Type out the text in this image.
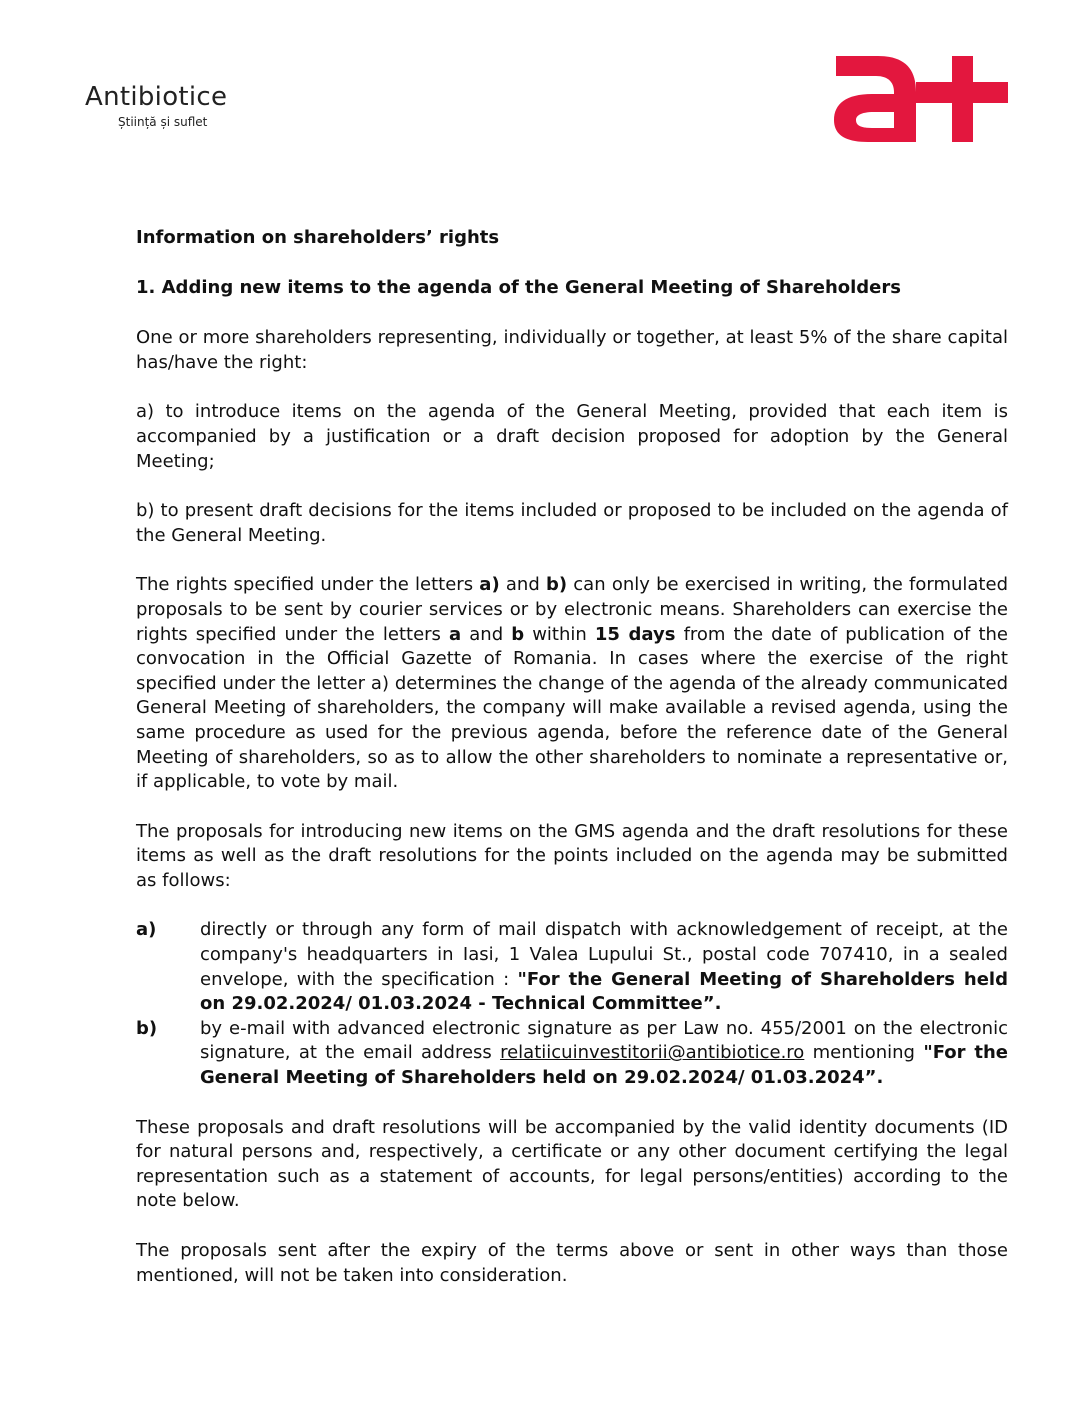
Antibiotice
Știință și suflet

Information on shareholders’ rights

1. Adding new items to the agenda of the General Meeting of Shareholders

One or more shareholders representing, individually or together, at least 5% of the share capital has/have the right:

a) to introduce items on the agenda of the General Meeting, provided that each item is accompanied by a justification or a draft decision proposed for adoption by the General Meeting;

b) to present draft decisions for the items included or proposed to be included on the agenda of the General Meeting.

The rights specified under the letters a) and b) can only be exercised in writing, the formulated proposals to be sent by courier services or by electronic means. Shareholders can exercise the rights specified under the letters a and b within 15 days from the date of publication of the convocation in the Official Gazette of Romania. In cases where the exercise of the right specified under the letter a) determines the change of the agenda of the already communicated General Meeting of shareholders, the company will make available a revised agenda, using the same procedure as used for the previous agenda, before the reference date of the General Meeting of shareholders, so as to allow the other shareholders to nominate a representative or, if applicable, to vote by mail.

The proposals for introducing new items on the GMS agenda and the draft resolutions for these items as well as the draft resolutions for the points included on the agenda may be submitted as follows:

a)	directly or through any form of mail dispatch with acknowledgement of receipt, at the company's headquarters in Iasi, 1 Valea Lupului St., postal code 707410, in a sealed envelope, with the specification : "For the General Meeting of Shareholders held on 29.02.2024/ 01.03.2024 - Technical Committee”.
b)	by e-mail with advanced electronic signature as per Law no. 455/2001 on the electronic signature, at the email address relatiicuinvestitorii@antibiotice.ro mentioning "For the General Meeting of Shareholders held on 29.02.2024/ 01.03.2024”.

These proposals and draft resolutions will be accompanied by the valid identity documents (ID for natural persons and, respectively, a certificate or any other document certifying the legal representation such as a statement of accounts, for legal persons/entities) according to the note below.

The proposals sent after the expiry of the terms above or sent in other ways than those mentioned, will not be taken into consideration.
